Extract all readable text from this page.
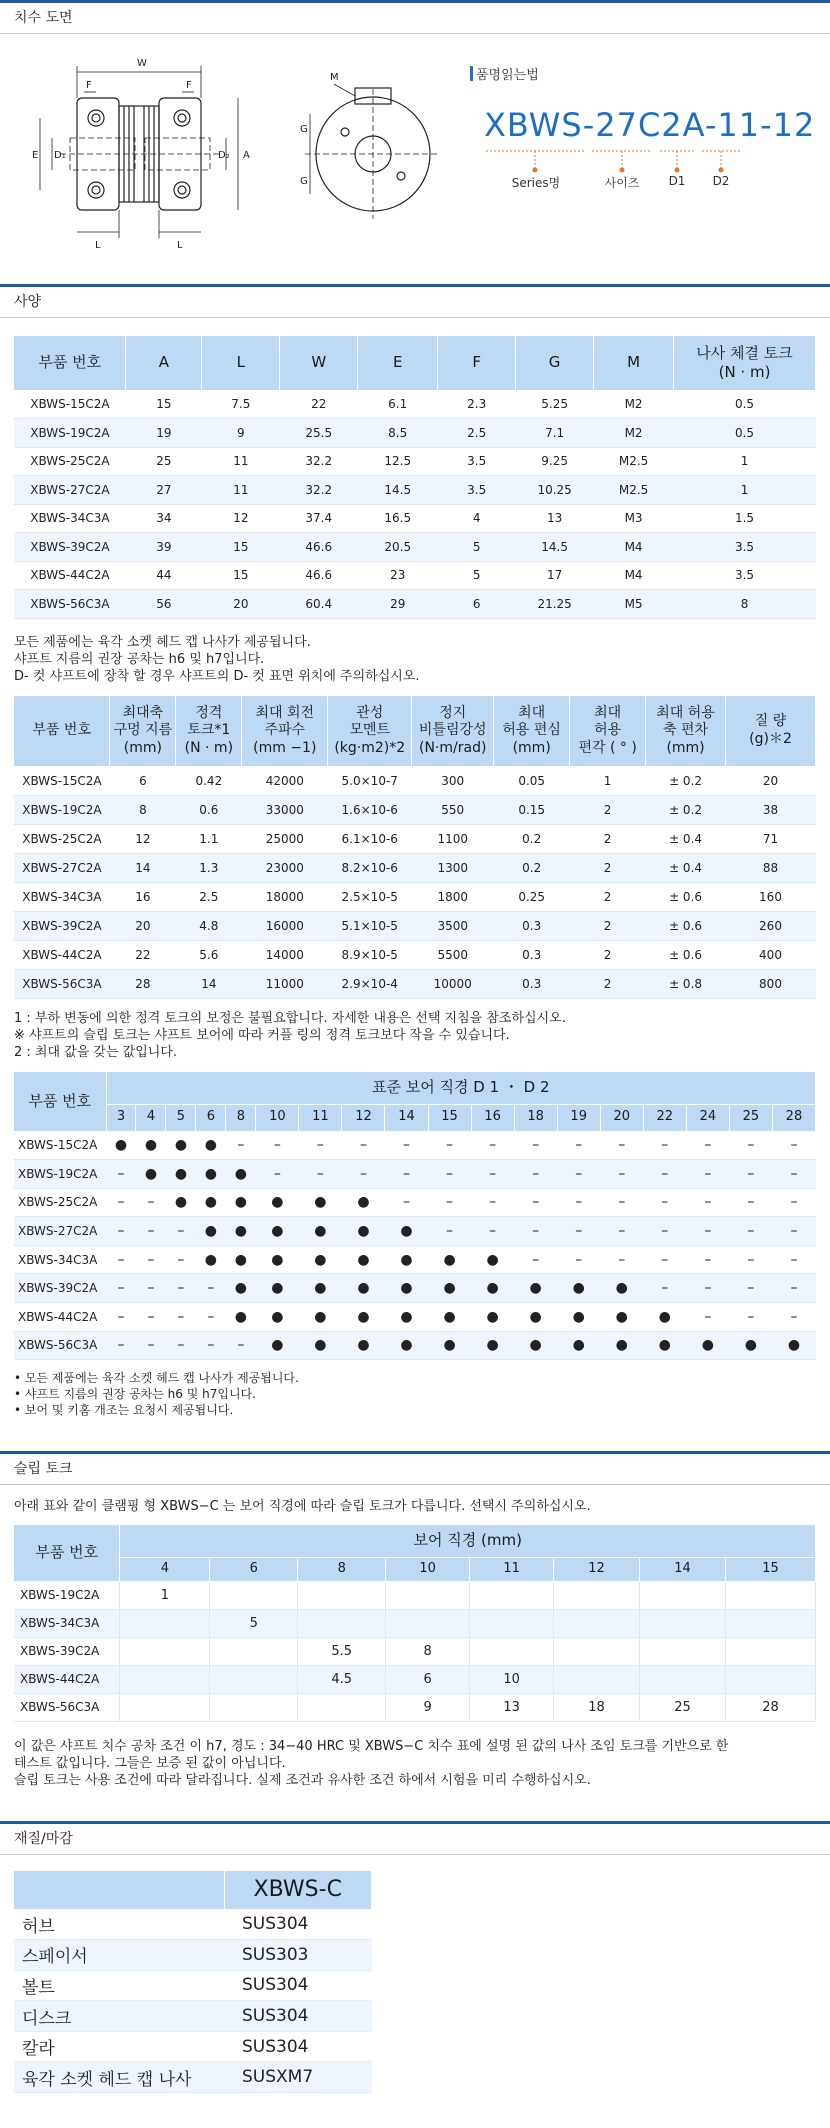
치수 도면
W
F	F
E D₁	D₂ A
L	L
M
G
G
품명읽는법
XBWS-27C2A-11-12
Series명	사이즈 D1 D2
사양
부품 번호	A	L	W	E	F	G	M	나사 체결 토크
(N · m)
XBWS-15C2A	15	7.5	22	6.1	2.3	5.25	M2	0.5
XBWS-19C2A	19	9	25.5	8.5	2.5	7.1	M2	0.5
XBWS-25C2A	25	11	32.2	12.5	3.5	9.25	M2.5	1
XBWS-27C2A	27	11	32.2	14.5	3.5	10.25	M2.5	1
XBWS-34C3A	34	12	37.4	16.5	4	13	M3	1.5
XBWS-39C2A	39	15	46.6	20.5	5	14.5	M4	3.5
XBWS-44C2A	44	15	46.6	23	5	17	M4	3.5
XBWS-56C3A	56	20	60.4	29	6	21.25	M5	8
모든 제품에는 육각 소켓 헤드 캡 나사가 제공됩니다.
샤프트 지름의 권장 공차는 h6 및 h7입니다.
D- 컷 샤프트에 장착 할 경우 샤프트의 D- 컷 표면 위치에 주의하십시오.
부품 번호	최대축
구멍 지름
(mm)	정격
토크*1
(N · m)	최대 회전
주파수
(mm −1)	관성
모멘트
(kg·m2)*2	정지
비틀림강성
(N·m/rad)	최대
허용 편심
(mm)	최대
허용
편각 ( ° )	최대 허용
축 편차
(mm)	질 량
(g)＊2
XBWS-15C2A	6	0.42	42000	5.0×10-7	300	0.05	1	± 0.2	20
XBWS-19C2A	8	0.6	33000	1.6×10-6	550	0.15	2	± 0.2	38
XBWS-25C2A	12	1.1	25000	6.1×10-6	1100	0.2	2	± 0.4	71
XBWS-27C2A	14	1.3	23000	8.2×10-6	1300	0.2	2	± 0.4	88
XBWS-34C3A	16	2.5	18000	2.5×10-5	1800	0.25	2	± 0.6	160
XBWS-39C2A	20	4.8	16000	5.1×10-5	3500	0.3	2	± 0.6	260
XBWS-44C2A	22	5.6	14000	8.9×10-5	5500	0.3	2	± 0.6	400
XBWS-56C3A	28	14	11000	2.9×10-4	10000	0.3	2	± 0.8	800
1 : 부하 변동에 의한 정격 토크의 보정은 불필요합니다. 자세한 내용은 선택 지침을 참조하십시오.
※ 샤프트의 슬립 토크는 샤프트 보어에 따라 커플 링의 정격 토크보다 작을 수 있습니다.
2 : 최대 값을 갖는 값입니다.
부품 번호	표준 보어 직경 D 1 ・ D 2																	
	3	4	5	6	8	10	11	12	14	15	16	18	19	20	22	24	25	28
XBWS-15C2A	●	●	●	●	–	–	–	–	–	–	–	–	–	–	–	–	–	–
XBWS-19C2A	–	●	●	●	●	–	–	–	–	–	–	–	–	–	–	–	–	–
XBWS-25C2A	–	–	●	●	●	●	●	●	–	–	–	–	–	–	–	–	–	–
XBWS-27C2A	–	–	–	●	●	●	●	●	●	–	–	–	–	–	–	–	–	–
XBWS-34C3A	–	–	–	●	●	●	●	●	●	●	●	–	–	–	–	–	–	–
XBWS-39C2A	–	–	–	–	●	●	●	●	●	●	●	●	●	●	–	–	–	–
XBWS-44C2A	–	–	–	–	●	●	●	●	●	●	●	●	●	●	●	–	–	–
XBWS-56C3A	–	–	–	–	–	●	●	●	●	●	●	●	●	●	●	●	●	●
• 모든 제품에는 육각 소켓 헤드 캡 나사가 제공됩니다.
• 샤프트 지름의 권장 공차는 h6 및 h7입니다.
• 보어 및 키홈 개조는 요청시 제공됩니다.
슬립 토크
아래 표와 같이 클램핑 형 XBWS−C 는 보어 직경에 따라 슬립 토크가 다릅니다. 선택시 주의하십시오.
부품 번호	보어 직경 (mm)							
	4	6	8	10	11	12	14	15
XBWS-19C2A	1							
XBWS-34C3A		5						
XBWS-39C2A			5.5	8				
XBWS-44C2A			4.5	6	10			
XBWS-56C3A				9	13	18	25	28
이 값은 샤프트 치수 공차 조건 이 h7, 경도 : 34−40 HRC 및 XBWS−C 치수 표에 설명 된 값의 나사 조임 토크를 기반으로 한
테스트 값입니다. 그들은 보증 된 값이 아닙니다.
슬립 토크는 사용 조건에 따라 달라집니다. 실제 조건과 유사한 조건 하에서 시험을 미리 수행하십시오.
재질/마감
	XBWS-C
허브	SUS304
스페이서	SUS303
볼트	SUS304
디스크	SUS304
칼라	SUS304
육각 소켓 헤드 캡 나사	SUSXM7
